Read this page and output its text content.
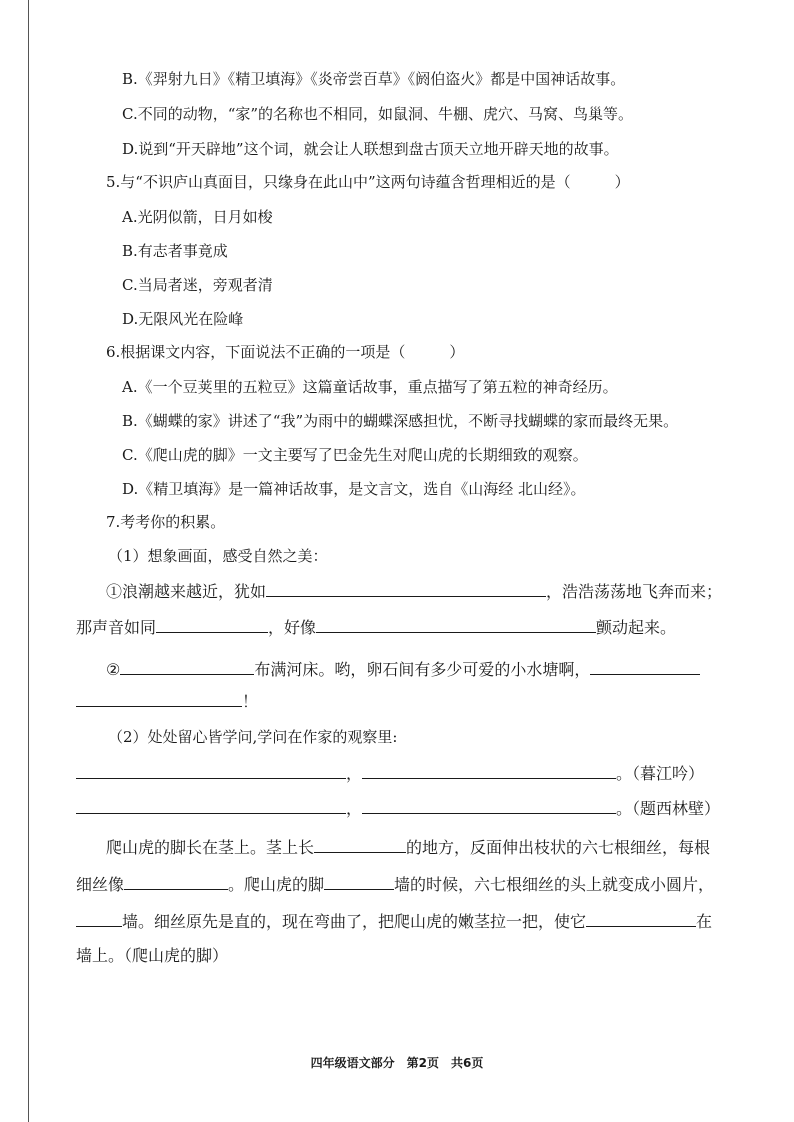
B.《羿射九日》《精卫填海》《炎帝尝百草》《阏伯盗火》都是中国神话故事。
C.不同的动物，“家”的名称也不相同，如鼠洞、牛棚、虎穴、马窝、鸟巢等。
D.说到“开天辟地”这个词，就会让人联想到盘古顶天立地开辟天地的故事。
5.与“不识庐山真面目，只缘身在此山中”这两句诗蕴含哲理相近的是（	）
A.光阴似箭，日月如梭
B.有志者事竟成
C.当局者迷，旁观者清
D.无限风光在险峰
6.根据课文内容，下面说法不正确的一项是（	）
A.《一个豆荚里的五粒豆》这篇童话故事，重点描写了第五粒的神奇经历。
B.《蝴蝶的家》讲述了“我”为雨中的蝴蝶深感担忧，不断寻找蝴蝶的家而最终无果。
C.《爬山虎的脚》一文主要写了巴金先生对爬山虎的长期细致的观察。
D.《精卫填海》是一篇神话故事，是文言文，选自《山海经 北山经》。
7.考考你的积累。
（1）想象画面，感受自然之美：
①浪潮越来越近，犹如	，浩浩荡荡地飞奔而来；
那声音如同	，好像	颤动起来。
②	布满河床。哟，卵石间有多少可爱的小水塘啊，
！
（2）处处留心皆学问,学问在作家的观察里:
，	。（暮江吟）
，	。（题西林壁）
爬山虎的脚长在茎上。茎上长	的地方，反面伸出枝状的六七根细丝，每根
细丝像	。爬山虎的脚	墙的时候，六七根细丝的头上就变成小圆片，
墙。细丝原先是直的，现在弯曲了，把爬山虎的嫩茎拉一把，使它	在
墙上。（爬山虎的脚）
四年级语文部分 第2页 共6页
